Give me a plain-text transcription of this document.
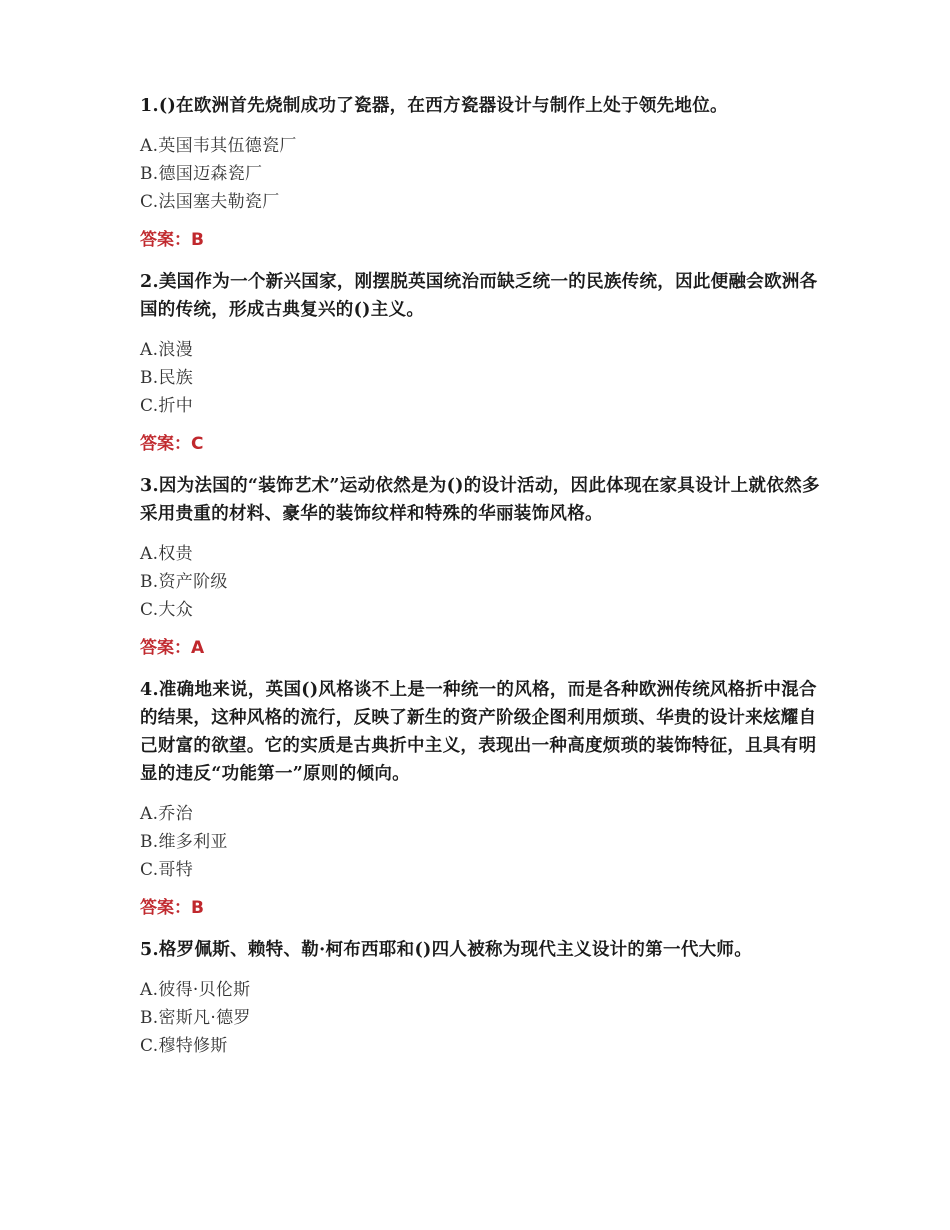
1.()在欧洲首先烧制成功了瓷器，在西方瓷器设计与制作上处于领先地位。
A.英国韦其伍德瓷厂
B.德国迈森瓷厂
C.法国塞夫勒瓷厂
答案：B
2.美国作为一个新兴国家，刚摆脱英国统治而缺乏统一的民族传统，因此便融会欧洲各国的传统，形成古典复兴的()主义。
A.浪漫
B.民族
C.折中
答案：C
3.因为法国的“装饰艺术”运动依然是为()的设计活动，因此体现在家具设计上就依然多采用贵重的材料、豪华的装饰纹样和特殊的华丽装饰风格。
A.权贵
B.资产阶级
C.大众
答案：A
4.准确地来说，英国()风格谈不上是一种统一的风格，而是各种欧洲传统风格折中混合的结果，这种风格的流行，反映了新生的资产阶级企图利用烦琐、华贵的设计来炫耀自己财富的欲望。它的实质是古典折中主义，表现出一种高度烦琐的装饰特征，且具有明显的违反“功能第一”原则的倾向。
A.乔治
B.维多利亚
C.哥特
答案：B
5.格罗佩斯、赖特、勒·柯布西耶和()四人被称为现代主义设计的第一代大师。
A.彼得·贝伦斯
B.密斯凡·德罗
C.穆特修斯
